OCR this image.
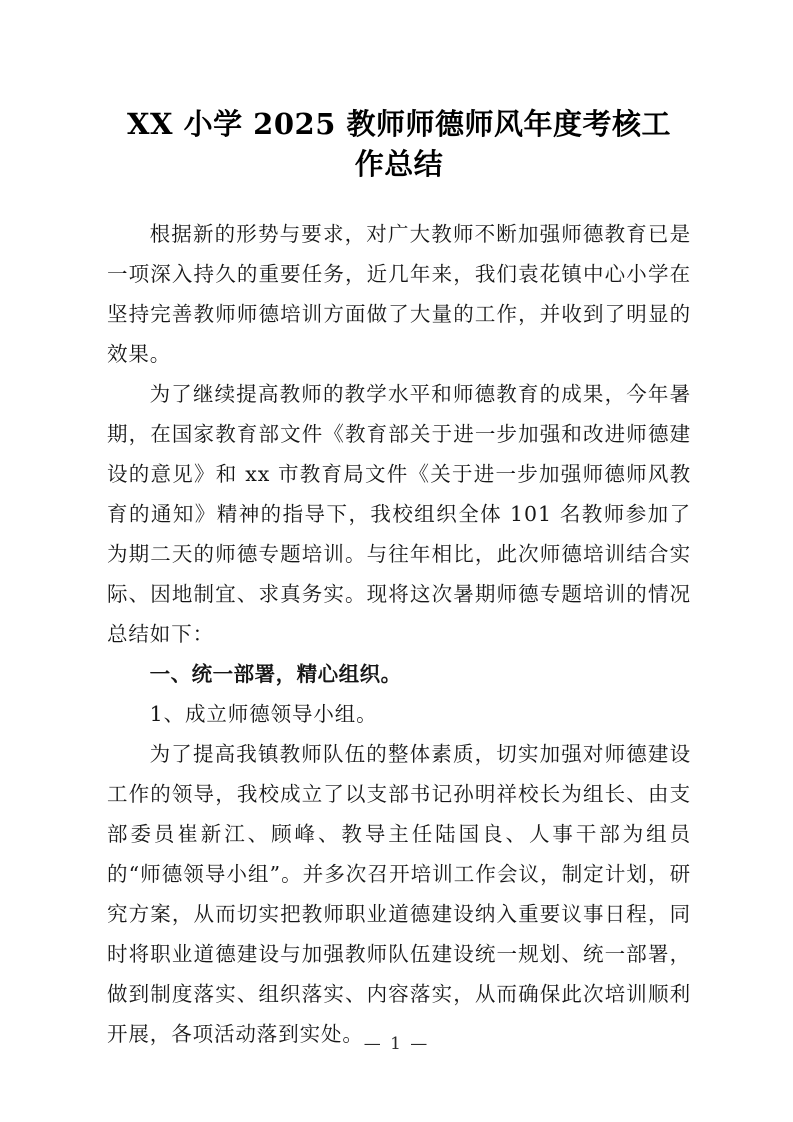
XX 小学 2025 教师师德师风年度考核工作总结

根据新的形势与要求，对广大教师不断加强师德教育已是一项深入持久的重要任务，近几年来，我们袁花镇中心小学在坚持完善教师师德培训方面做了大量的工作，并收到了明显的效果。

为了继续提高教师的教学水平和师德教育的成果，今年暑期，在国家教育部文件《教育部关于进一步加强和改进师德建设的意见》和 xx 市教育局文件《关于进一步加强师德师风教育的通知》精神的指导下，我校组织全体 101 名教师参加了为期二天的师德专题培训。与往年相比，此次师德培训结合实际、因地制宜、求真务实。现将这次暑期师德专题培训的情况总结如下：

一、统一部署，精心组织。

1、成立师德领导小组。

为了提高我镇教师队伍的整体素质，切实加强对师德建设工作的领导，我校成立了以支部书记孙明祥校长为组长、由支部委员崔新江、顾峰、教导主任陆国良、人事干部为组员的“师德领导小组”。并多次召开培训工作会议，制定计划，研究方案，从而切实把教师职业道德建设纳入重要议事日程，同时将职业道德建设与加强教师队伍建设统一规划、统一部署，做到制度落实、组织落实、内容落实，从而确保此次培训顺利开展，各项活动落到实处。 — 1 —
